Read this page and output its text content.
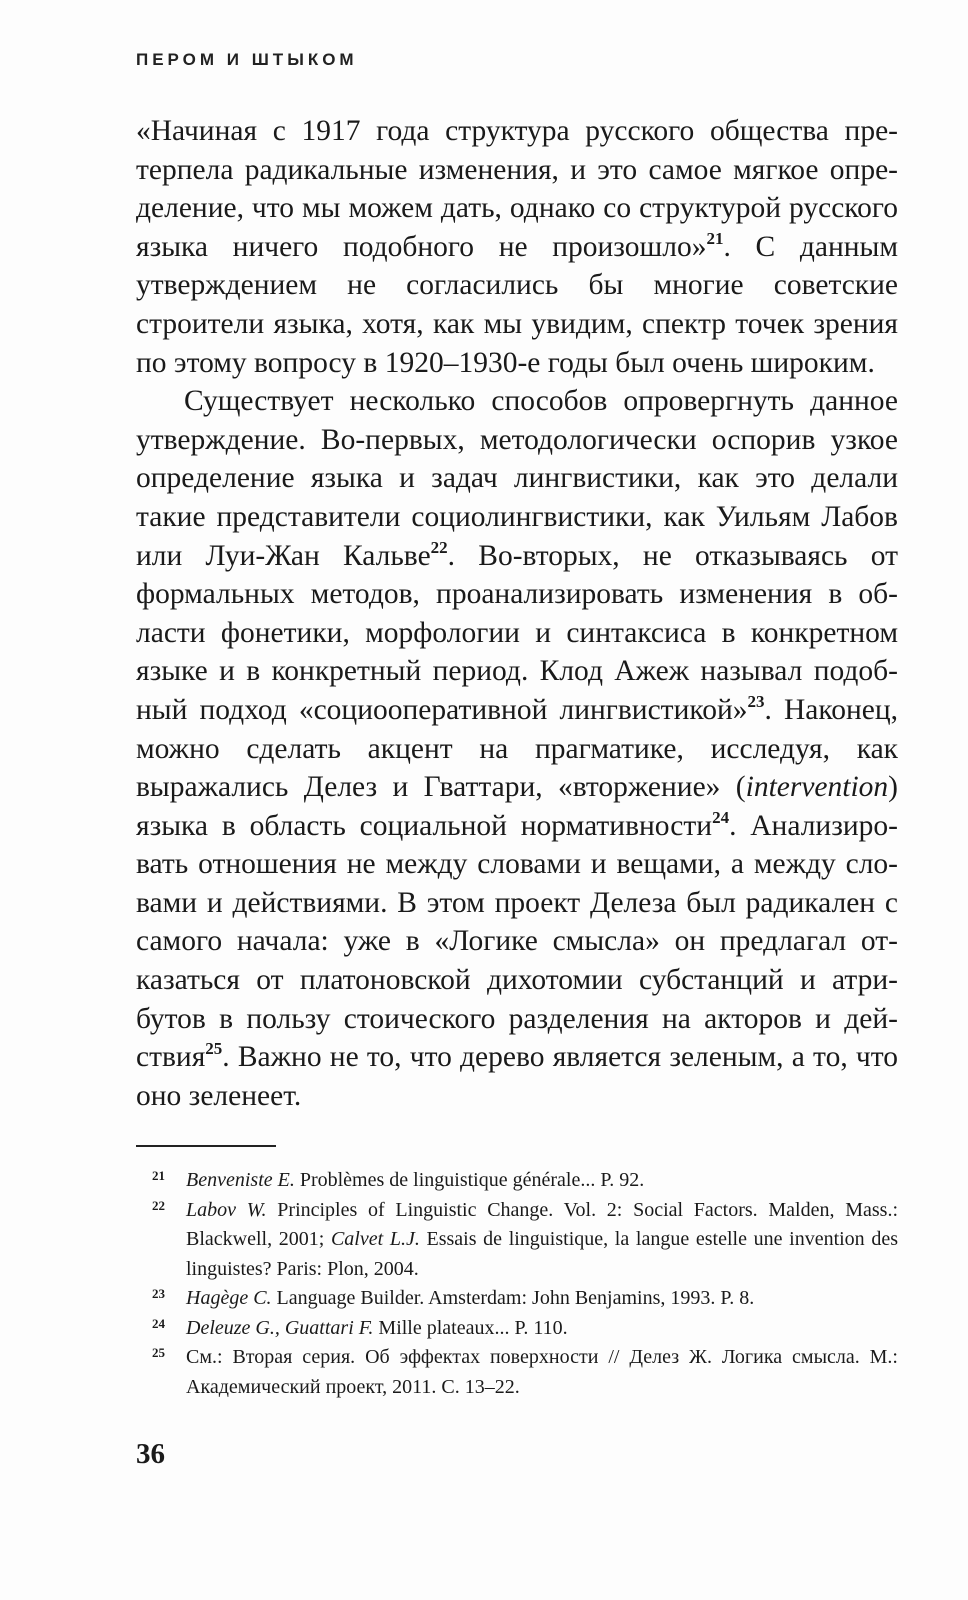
ПЕРОМ И ШТЫКОМ

«Начиная с 1917 года структура русского общества претерпела радикальные изменения, и это самое мягкое определение, что мы можем дать, однако со структурой русского языка ничего подобного не произошло»$^{21}$. С данным утверждением не согласились бы многие советские строители языка, хотя, как мы увидим, спектр точек зрения по этому вопросу в 1920–1930-е годы был очень широким.

Существует несколько способов опровергнуть данное утверждение. Во-первых, методологически оспорив узкое определение языка и задач лингвистики, как это делали такие представители социолингвистики, как Уильям Лабов или Луи-Жан Кальве$^{22}$. Во-вторых, не отказываясь от формальных методов, проанализировать изменения в области фонетики, морфологии и синтаксиса в конкретном языке и в конкретный период. Клод Ажеж называл подобный подход «социооперативной лингвистикой»$^{23}$. Наконец, можно сделать акцент на прагматике, исследуя, как выражались Делез и Гваттари, «вторжение» (intervention) языка в область социальной нормативности$^{24}$. Анализировать отношения не между словами и вещами, а между словами и действиями. В этом проект Делеза был радикален с самого начала: уже в «Логике смысла» он предлагал отказаться от платоновской дихотомии субстанций и атрибутов в пользу стоического разделения на акторов и действия$^{25}$. Важно не то, что дерево является зеленым, а то, что оно зеленеет.

21 Benveniste E. Problèmes de linguistique générale... P. 92.
22 Labov W. Principles of Linguistic Change. Vol. 2: Social Factors. Malden, Mass.: Blackwell, 2001; Calvet L.J. Essais de linguistique, la langue estelle une invention des linguistes? Paris: Plon, 2004.
23 Hagège C. Language Builder. Amsterdam: John Benjamins, 1993. P. 8.
24 Deleuze G., Guattari F. Mille plateaux... P. 110.
25 См.: Вторая серия. Об эффектах поверхности // Делез Ж. Логика смысла. М.: Академический проект, 2011. С. 13–22.
36
